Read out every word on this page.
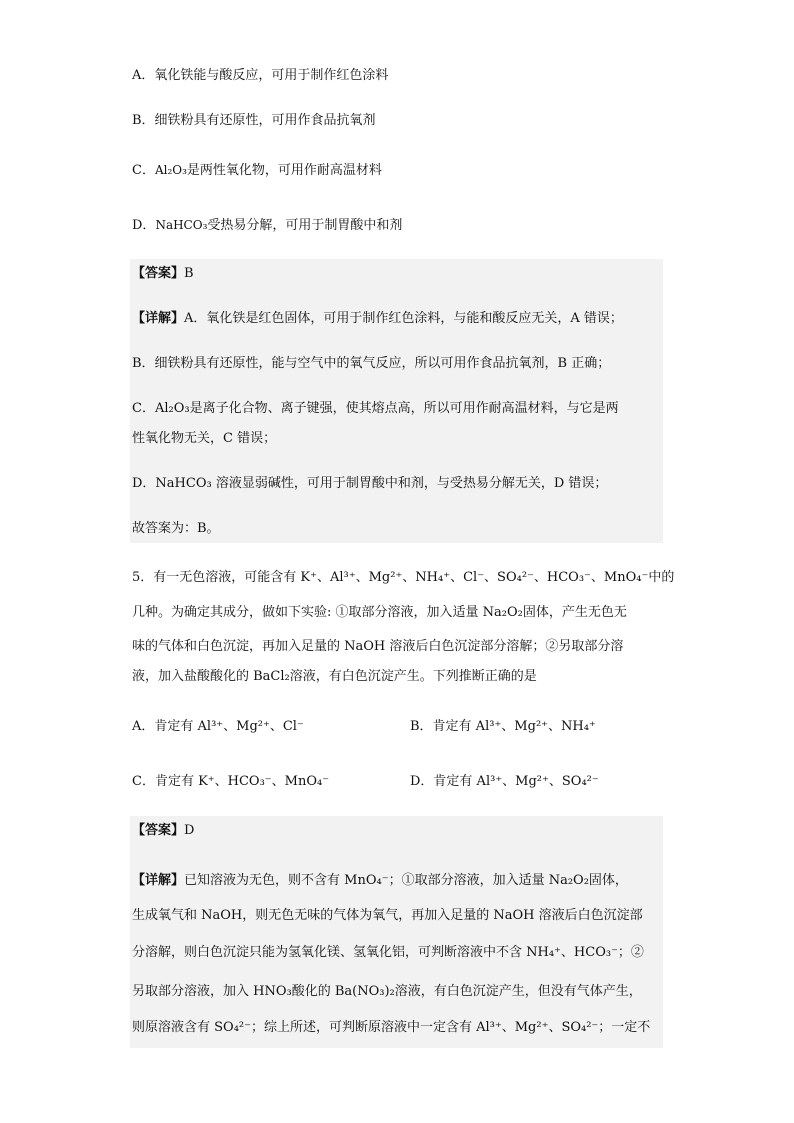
A．氧化铁能与酸反应，可用于制作红色涂料
B．细铁粉具有还原性，可用作食品抗氧剂
C．Al₂O₃是两性氧化物，可用作耐高温材料
D．NaHCO₃受热易分解，可用于制胃酸中和剂
【答案】B
【详解】A．氧化铁是红色固体，可用于制作红色涂料，与能和酸反应无关，A 错误；
B．细铁粉具有还原性，能与空气中的氧气反应，所以可用作食品抗氧剂，B 正确；
C．Al₂O₃是离子化合物、离子键强，使其熔点高，所以可用作耐高温材料，与它是两
性氧化物无关，C 错误；
D．NaHCO₃ 溶液显弱碱性，可用于制胃酸中和剂，与受热易分解无关，D 错误；
故答案为：B。
5．有一无色溶液，可能含有 K⁺、Al³⁺、Mg²⁺、NH₄⁺、Cl⁻、SO₄²⁻、HCO₃⁻、MnO₄⁻中的
几种。为确定其成分，做如下实验: ①取部分溶液，加入适量 Na₂O₂固体，产生无色无
味的气体和白色沉淀，再加入足量的 NaOH 溶液后白色沉淀部分溶解；②另取部分溶
液，加入盐酸酸化的 BaCl₂溶液，有白色沉淀产生。下列推断正确的是
A．肯定有 Al³⁺、Mg²⁺、Cl⁻	B．肯定有 Al³⁺、Mg²⁺、NH₄⁺
C．肯定有 K⁺、HCO₃⁻、MnO₄⁻	D．肯定有 Al³⁺、Mg²⁺、SO₄²⁻
【答案】D
【详解】已知溶液为无色，则不含有 MnO₄⁻；①取部分溶液，加入适量 Na₂O₂固体，
生成氧气和 NaOH，则无色无味的气体为氧气，再加入足量的 NaOH 溶液后白色沉淀部
分溶解，则白色沉淀只能为氢氧化镁、氢氧化铝，可判断溶液中不含 NH₄⁺、HCO₃⁻；②
另取部分溶液，加入 HNO₃酸化的 Ba(NO₃)₂溶液，有白色沉淀产生，但没有气体产生，
则原溶液含有 SO₄²⁻；综上所述，可判断原溶液中一定含有 Al³⁺、Mg²⁺、SO₄²⁻；一定不
